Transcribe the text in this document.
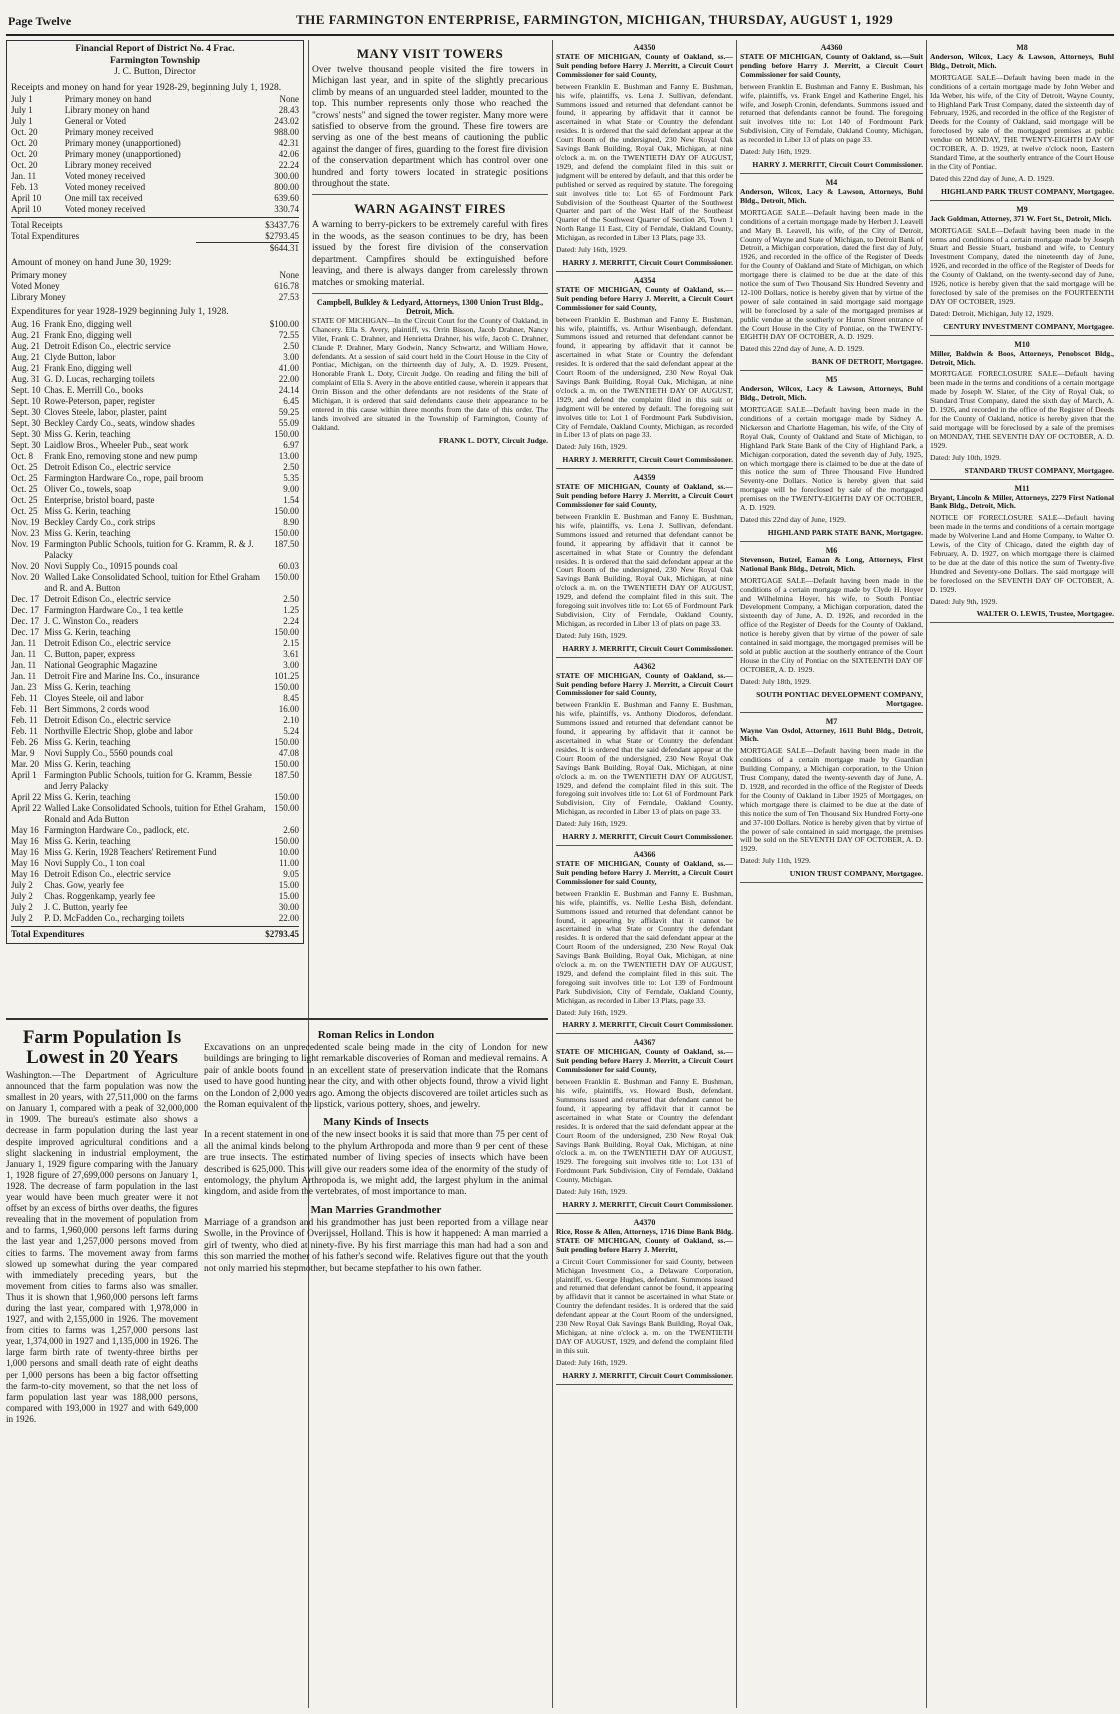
Page Twelve	THE FARMINGTON ENTERPRISE, FARMINGTON, MICHIGAN, THURSDAY, AUGUST 1, 1929
Financial Report of District No. 4 Frac.
Farmington Township
J. C. Button, Director
Receipts and money on hand for year 1928-29, beginning July 1, 1928.
July 1	Primary money on hand	None
July 1	Library money on hand	28.43
July 1	General or Voted	243.02
Oct. 20	Primary money received	988.00
Oct. 20	Primary money (unapportioned)	42.31
Oct. 20	Primary money (unapportioned)	42.06
Oct. 20	Library money received	22.24
Jan. 11	Voted money received	300.00
Feb. 13	Voted money received	800.00
April 10	One mill tax received	639.60
April 10	Voted money received	330.74
Total Receipts	$3437.76
Total Expenditures	$2793.45
	$644.31
Amount of money on hand June 30, 1929:
Primary money	None
Voted Money	616.78
Library Money	27.53
Expenditures for year 1928-1929 beginning July 1, 1928.
Aug. 16	Frank Eno, digging well	$100.00
Aug. 21	Frank Eno, digging well	72.55
Aug. 21	Detroit Edison Co., electric service	2.50
Aug. 21	Clyde Button, labor	3.00
Aug. 21	Frank Eno, digging well	41.00
Aug. 31	G. D. Lucas, recharging toilets	22.00
Sept. 10	Chas. E. Merrill Co., books	24.14
Sept. 10	Rowe-Peterson, paper, register	6.45
Sept. 30	Cloves Steele, labor, plaster, paint	59.25
Sept. 30	Beckley Cardy Co., seats, window shades	55.09
Sept. 30	Miss G. Kerin, teaching	150.00
Sept. 30	Laidlow Bros., Wheeler Pub., seat work	6.97
Oct. 8	Frank Eno, removing stone and new pump	13.00
Oct. 25	Detroit Edison Co., electric service	2.50
Oct. 25	Farmington Hardware Co., rope, pail broom	5.35
Oct. 25	Oliver Co., towels, soap	9.00
Oct. 25	Enterprise, bristol board, paste	1.54
Oct. 25	Miss G. Kerin, teaching	150.00
Nov. 19	Beckley Cardy Co., cork strips	8.90
Nov. 23	Miss G. Kerin, teaching	150.00
Nov. 19	Farmington Public Schools, tuition for G. Kramm, R. & J. Palacky	187.50
Nov. 20	Novi Supply Co., 10915 pounds coal	60.03
Nov. 20	Walled Lake Consolidated School, tuition for Ethel Graham and R. and A. Button	150.00
Dec. 17	Detroit Edison Co., electric service	2.50
Dec. 17	Farmington Hardware Co., 1 tea kettle	1.25
Dec. 17	J. C. Winston Co., readers	2.24
Dec. 17	Miss G. Kerin, teaching	150.00
Jan. 11	Detroit Edison Co., electric service	2.15
Jan. 11	C. Button, paper, express	3.61
Jan. 11	National Geographic Magazine	3.00
Jan. 11	Detroit Fire and Marine Ins. Co., insurance	101.25
Jan. 23	Miss G. Kerin, teaching	150.00
Feb. 11	Cloyes Steele, oil and labor	8.45
Feb. 11	Bert Simmons, 2 cords wood	16.00
Feb. 11	Detroit Edison Co., electric service	2.10
Feb. 11	Northville Electric Shop, globe and labor	5.24
Feb. 26	Miss G. Kerin, teaching	150.00
Mar. 9	Novi Supply Co., 5560 pounds coal	47.08
Mar. 20	Miss G. Kerin, teaching	150.00
April 1	Farmington Public Schools, tuition for G. Kramm, Bessie and Jerry Palacky	187.50
April 22	Miss G. Kerin, teaching	150.00
April 22	Walled Lake Consolidated Schools, tuition for Ethel Graham, Ronald and Ada Button	150.00
May 16	Farmington Hardware Co., padlock, etc.	2.60
May 16	Miss G. Kerin, teaching	150.00
May 16	Miss G. Kerin, 1928 Teachers' Retirement Fund	10.00
May 16	Novi Supply Co., 1 ton coal	11.00
May 16	Detroit Edison Co., electric service	9.05
July 2	Chas. Gow, yearly fee	15.00
July 2	Chas. Roggenkamp, yearly fee	15.00
July 2	J. C. Button, yearly fee	30.00
July 2	P. D. McFadden Co., recharging toilets	22.00
Total Expenditures	$2793.45
MANY VISIT TOWERS
Over twelve thousand people visited the fire towers in Michigan last year, and in spite of the slightly precarious climb by means of an unguarded steel ladder, mounted to the top. This number represents only those who reached the "crows' nests" and signed the tower register. Many more were satisfied to observe from the ground. These fire towers are serving as one of the best means of cautioning the public against the danger of fires, guarding to the forest fire division of the conservation department which has control over one hundred and forty towers located in strategic positions throughout the state.
WARN AGAINST FIRES
A warning to berry-pickers to be extremely careful with fires in the woods, as the season continues to be dry, has been issued by the forest fire division of the conservation department. Campfires should be extinguished before leaving, and there is always danger from carelessly thrown matches or smoking material.
Campbell, Bulkley & Ledyard, Attorneys, 1300 Union Trust Bldg., Detroit, Mich.
STATE OF MICHIGAN—In the Circuit Court for the County of Oakland, in Chancery. Ella S. Avery, plaintiff, vs. Orrin Bisson, Jacob Drahner, Nancy Vilet, Frank C. Drahner, and Henrietta Drahner, his wife, Jacob C. Drahner, Claude P. Drahner, Mary Godwin, Nancy Schwartz, and William Howe, defendants. At a session of said court held in the Court House in the City of Pontiac, Michigan, on the thirteenth day of July, A. D. 1929. Present, Honorable Frank L. Doty, Circuit Judge. On reading and filing the bill of complaint of Ella S. Avery in the above entitled cause, wherein it appears that Orrin Bisson and the other defendants are not residents of the State of Michigan, it is ordered that said defendants cause their appearance to be entered in this cause within three months from the date of this order. The lands involved are situated in the Township of Farmington, County of Oakland.
FRANK L. DOTY, Circuit Judge.
Farm Population Is Lowest in 20 Years
Washington.—The Department of Agriculture announced that the farm population was now the smallest in 20 years, with 27,511,000 on the farms on January 1, compared with a peak of 32,000,000 in 1909. The bureau's estimate also shows a decrease in farm population during the last year despite improved agricultural conditions and a slight slackening in industrial employment, the January 1, 1929 figure comparing with the January 1, 1928 figure of 27,699,000 persons on January 1, 1928. The decrease of farm population in the last year would have been much greater were it not offset by an excess of births over deaths, the figures revealing that in the movement of population from and to farms, 1,960,000 persons left farms during the last year and 1,257,000 persons moved from cities to farms. The movement away from farms slowed up somewhat during the year compared with immediately preceding years, but the movement from cities to farms also was smaller. Thus it is shown that 1,960,000 persons left farms during the last year, compared with 1,978,000 in 1927, and with 2,155,000 in 1926. The movement from cities to farms was 1,257,000 persons last year, 1,374,000 in 1927 and 1,135,000 in 1926. The large farm birth rate of twenty-three births per 1,000 persons and small death rate of eight deaths per 1,000 persons has been a big factor offsetting the farm-to-city movement, so that the net loss of farm population last year was 188,000 persons, compared with 193,000 in 1927 and with 649,000 in 1926.
Roman Relics in London
Excavations on an unprecedented scale being made in the city of London for new buildings are bringing to light remarkable discoveries of Roman and medieval remains. A pair of ankle boots found in an excellent state of preservation indicate that the Romans used to have good hunting near the city, and with other objects found, throw a vivid light on the London of 2,000 years ago. Among the objects discovered are toilet articles such as the Roman equivalent of the lipstick, various pottery, shoes, and jewelry.
Many Kinds of Insects
In a recent statement in one of the new insect books it is said that more than 75 per cent of all the animal kinds belong to the phylum Arthropoda and more than 9 per cent of these are true insects. The estimated number of living species of insects which have been described is 625,000. This will give our readers some idea of the enormity of the study of entomology, the phylum Arthropoda is, we might add, the largest phylum in the animal kingdom, and aside from the vertebrates, of most importance to man.
Man Marries Grandmother
Marriage of a grandson and his grandmother has just been reported from a village near Swolle, in the Province of Overijssel, Holland. This is how it happened: A man married a girl of twenty, who died at ninety-five. By his first marriage this man had had a son and this son married the mother of his father's second wife. Relatives figure out that the youth not only married his stepmother, but became stepfather to his own father.
A4350
STATE OF MICHIGAN, County of Oakland, ss.—Suit pending before Harry J. Merritt, a Circuit Court Commissioner for said County,
between Franklin E. Bushman and Fanny E. Bushman, his wife, plaintiffs, vs. Lena J. Sullivan, defendant. Summons issued and returned that defendant cannot be found, it appearing by affidavit that it cannot be ascertained in what State or Country the defendant resides. It is ordered that the said defendant appear at the Court Room of the undersigned, 230 New Royal Oak Savings Bank Building, Royal Oak, Michigan, at nine o'clock a. m. on the TWENTIETH DAY OF AUGUST, 1929, and defend the complaint filed in this suit or judgment will be entered by default, and that this order be published or served as required by statute. The foregoing suit involves title to: Lot 65 of Fordmount Park Subdivision of the Southeast Quarter of the Southwest Quarter and part of the West Half of the Southeast Quarter of the Southwest Quarter of Section 26, Town 1 North Range 11 East, City of Ferndale, Oakland County, Michigan, as recorded in Liber 13 Plats, page 33.
Dated: July 16th, 1929.
HARRY J. MERRITT, Circuit Court Commissioner.
A4354
STATE OF MICHIGAN, County of Oakland, ss.—Suit pending before Harry J. Merritt, a Circuit Court Commissioner for said County,
between Franklin E. Bushman and Fanny E. Bushman, his wife, plaintiffs, vs. Arthur Wisenbaugh, defendant. Summons issued and returned that defendant cannot be found, it appearing by affidavit that it cannot be ascertained in what State or Country the defendant resides. It is ordered that the said defendant appear at the Court Room of the undersigned, 230 New Royal Oak Savings Bank Building, Royal Oak, Michigan, at nine o'clock a. m. on the TWENTIETH DAY OF AUGUST, 1929, and defend the complaint filed in this suit or judgment will be entered by default. The foregoing suit involves title to: Lot 1 of Fordmount Park Subdivision, City of Ferndale, Oakland County, Michigan, as recorded in Liber 13 of plats on page 33.
Dated: July 16th, 1929.
HARRY J. MERRITT, Circuit Court Commissioner.
A4359
STATE OF MICHIGAN, County of Oakland, ss.—Suit pending before Harry J. Merritt, a Circuit Court Commissioner for said County,
between Franklin E. Bushman and Fanny E. Bushman, his wife, plaintiffs, vs. Lena J. Sullivan, defendant. Summons issued and returned that defendant cannot be found, it appearing by affidavit that it cannot be ascertained in what State or Country the defendant resides. It is ordered that the said defendant appear at the Court Room of the undersigned, 230 New Royal Oak Savings Bank Building, Royal Oak, Michigan, at nine o'clock a. m. on the TWENTIETH DAY OF AUGUST, 1929, and defend the complaint filed in this suit. The foregoing suit involves title to: Lot 65 of Fordmount Park Subdivision, City of Ferndale, Oakland County, Michigan, as recorded in Liber 13 of plats on page 33.
Dated: July 16th, 1929.
HARRY J. MERRITT, Circuit Court Commissioner.
A4362
STATE OF MICHIGAN, County of Oakland, ss.—Suit pending before Harry J. Merritt, a Circuit Court Commissioner for said County,
between Franklin E. Bushman and Fanny E. Bushman, his wife, plaintiffs, vs. Anthony Diodoros, defendant. Summons issued and returned that defendant cannot be found, it appearing by affidavit that it cannot be ascertained in what State or Country the defendant resides. It is ordered that the said defendant appear at the Court Room of the undersigned, 230 New Royal Oak Savings Bank Building, Royal Oak, Michigan, at nine o'clock a. m. on the TWENTIETH DAY OF AUGUST, 1929, and defend the complaint filed in this suit. The foregoing suit involves title to: Lot 61 of Fordmount Park Subdivision, City of Ferndale, Oakland County, Michigan, as recorded in Liber 13 of plats on page 33.
Dated: July 16th, 1929.
HARRY J. MERRITT, Circuit Court Commissioner.
A4366
STATE OF MICHIGAN, County of Oakland, ss.—Suit pending before Harry J. Merritt, a Circuit Court Commissioner for said County,
between Franklin E. Bushman and Fanny E. Bushman, his wife, plaintiffs, vs. Nellie Lesha Bish, defendant. Summons issued and returned that defendant cannot be found, it appearing by affidavit that it cannot be ascertained in what State or Country the defendant resides. It is ordered that the said defendant appear at the Court Room of the undersigned, 230 New Royal Oak Savings Bank Building, Royal Oak, Michigan, at nine o'clock a. m. on the TWENTIETH DAY OF AUGUST, 1929, and defend the complaint filed in this suit. The foregoing suit involves title to: Lot 139 of Fordmount Park Subdivision, City of Ferndale, Oakland County, Michigan, as recorded in Liber 13 Plats, page 33.
Dated: July 16th, 1929.
HARRY J. MERRITT, Circuit Court Commissioner.
A4367
STATE OF MICHIGAN, County of Oakland, ss.—Suit pending before Harry J. Merritt, a Circuit Court Commissioner for said County,
between Franklin E. Bushman and Fanny E. Bushman, his wife, plaintiffs, vs. Howard Bush, defendant. Summons issued and returned that defendant cannot be found, it appearing by affidavit that it cannot be ascertained in what State or Country the defendant resides. It is ordered that the said defendant appear at the Court Room of the undersigned, 230 New Royal Oak Savings Bank Building, Royal Oak, Michigan, at nine o'clock a. m. on the TWENTIETH DAY OF AUGUST, 1929. The foregoing suit involves title to: Lot 131 of Fordmount Park Subdivision, City of Ferndale, Oakland County, Michigan.
Dated: July 16th, 1929.
HARRY J. MERRITT, Circuit Court Commissioner.
A4370
Rice, Rosse & Allen, Attorneys, 1716 Dime Bank Bldg. STATE OF MICHIGAN, County of Oakland, ss.—Suit pending before Harry J. Merritt,
a Circuit Court Commissioner for said County, between Michigan Investment Co., a Delaware Corporation, plaintiff, vs. George Hughes, defendant. Summons issued and returned that defendant cannot be found, it appearing by affidavit that it cannot be ascertained in what State or Country the defendant resides. It is ordered that the said defendant appear at the Court Room of the undersigned, 230 New Royal Oak Savings Bank Building, Royal Oak, Michigan, at nine o'clock a. m. on the TWENTIETH DAY OF AUGUST, 1929, and defend the complaint filed in this suit.
Dated: July 16th, 1929.
HARRY J. MERRITT, Circuit Court Commissioner.
A4360
STATE OF MICHIGAN, County of Oakland, ss.—Suit pending before Harry J. Merritt, a Circuit Court Commissioner for said County,
between Franklin E. Bushman and Fanny E. Bushman, his wife, plaintiffs, vs. Frank Engel and Katherine Engel, his wife, and Joseph Cronin, defendants. Summons issued and returned that defendants cannot be found. The foregoing suit involves title to: Lot 140 of Fordmount Park Subdivision, City of Ferndale, Oakland County, Michigan, as recorded in Liber 13 of plats on page 33.
Dated: July 16th, 1929.
HARRY J. MERRITT, Circuit Court Commissioner.
M4
Anderson, Wilcox, Lacy & Lawson, Attorneys, Buhl Bldg., Detroit, Mich.
MORTGAGE SALE—Default having been made in the conditions of a certain mortgage made by Herbert J. Leavell and Mary B. Leavell, his wife, of the City of Detroit, County of Wayne and State of Michigan, to Detroit Bank of Detroit, a Michigan corporation, dated the first day of July, 1926, and recorded in the office of the Register of Deeds for the County of Oakland and State of Michigan, on which mortgage there is claimed to be due at the date of this notice the sum of Two Thousand Six Hundred Seventy and 12-100 Dollars, notice is hereby given that by virtue of the power of sale contained in said mortgage said mortgage will be foreclosed by a sale of the mortgaged premises at public vendue at the southerly or Huron Street entrance of the Court House in the City of Pontiac, on the TWENTY-EIGHTH DAY OF OCTOBER, A. D. 1929.
Dated this 22nd day of June, A. D. 1929.
BANK OF DETROIT, Mortgagee.
M5
Anderson, Wilcox, Lacy & Lawson, Attorneys, Buhl Bldg., Detroit, Mich.
MORTGAGE SALE—Default having been made in the conditions of a certain mortgage made by Sidney A. Nickerson and Charlotte Hageman, his wife, of the City of Royal Oak, County of Oakland and State of Michigan, to Highland Park State Bank of the City of Highland Park, a Michigan corporation, dated the seventh day of July, 1925, on which mortgage there is claimed to be due at the date of this notice the sum of Three Thousand Five Hundred Seventy-one Dollars. Notice is hereby given that said mortgage will be foreclosed by sale of the mortgaged premises on the TWENTY-EIGHTH DAY OF OCTOBER, A. D. 1929.
Dated this 22nd day of June, 1929.
HIGHLAND PARK STATE BANK, Mortgagee.
M6
Stevenson, Butzel, Eaman & Long, Attorneys, First National Bank Bldg., Detroit, Mich.
MORTGAGE SALE—Default having been made in the conditions of a certain mortgage made by Clyde H. Hoyer and Wilhelmina Hoyer, his wife, to South Pontiac Development Company, a Michigan corporation, dated the sixteenth day of June, A. D. 1926, and recorded in the office of the Register of Deeds for the County of Oakland, notice is hereby given that by virtue of the power of sale contained in said mortgage, the mortgaged premises will be sold at public auction at the southerly entrance of the Court House in the City of Pontiac on the SIXTEENTH DAY OF OCTOBER, A. D. 1929.
Dated: July 18th, 1929.
SOUTH PONTIAC DEVELOPMENT COMPANY, Mortgagee.
M7
Wayne Van Osdol, Attorney, 1611 Buhl Bldg., Detroit, Mich.
MORTGAGE SALE—Default having been made in the conditions of a certain mortgage made by Guardian Building Company, a Michigan corporation, to the Union Trust Company, dated the twenty-seventh day of June, A. D. 1928, and recorded in the office of the Register of Deeds for the County of Oakland in Liber 1925 of Mortgages, on which mortgage there is claimed to be due at the date of this notice the sum of Ten Thousand Six Hundred Forty-one and 37-100 Dollars. Notice is hereby given that by virtue of the power of sale contained in said mortgage, the premises will be sold on the SEVENTH DAY OF OCTOBER, A. D. 1929.
Dated: July 11th, 1929.
UNION TRUST COMPANY, Mortgagee.
M8
Anderson, Wilcox, Lacy & Lawson, Attorneys, Buhl Bldg., Detroit, Mich.
MORTGAGE SALE—Default having been made in the conditions of a certain mortgage made by John Weber and Ida Weber, his wife, of the City of Detroit, Wayne County, to Highland Park Trust Company, dated the sixteenth day of February, 1926, and recorded in the office of the Register of Deeds for the County of Oakland, said mortgage will be foreclosed by sale of the mortgaged premises at public vendue on MONDAY, THE TWENTY-EIGHTH DAY OF OCTOBER, A. D. 1929, at twelve o'clock noon, Eastern Standard Time, at the southerly entrance of the Court House in the City of Pontiac.
Dated this 22nd day of June, A. D. 1929.
HIGHLAND PARK TRUST COMPANY, Mortgagee.
M9
Jack Goldman, Attorney, 371 W. Fort St., Detroit, Mich.
MORTGAGE SALE—Default having been made in the terms and conditions of a certain mortgage made by Joseph Stuart and Bessie Stuart, husband and wife, to Century Investment Company, dated the nineteenth day of June, 1926, and recorded in the office of the Register of Deeds for the County of Oakland, on the twenty-second day of June, 1926, notice is hereby given that the said mortgage will be foreclosed by sale of the premises on the FOURTEENTH DAY OF OCTOBER, 1929.
Dated: Detroit, Michigan, July 12, 1929.
CENTURY INVESTMENT COMPANY, Mortgagee.
M10
Miller, Baldwin & Boos, Attorneys, Penobscot Bldg., Detroit, Mich.
MORTGAGE FORECLOSURE SALE—Default having been made in the terms and conditions of a certain mortgage made by Joseph W. Slater, of the City of Royal Oak, to Standard Trust Company, dated the sixth day of March, A. D. 1926, and recorded in the office of the Register of Deeds for the County of Oakland, notice is hereby given that the said mortgage will be foreclosed by a sale of the premises on MONDAY, THE SEVENTH DAY OF OCTOBER, A. D. 1929.
Dated: July 10th, 1929.
STANDARD TRUST COMPANY, Mortgagee.
M11
Bryant, Lincoln & Miller, Attorneys, 2279 First National Bank Bldg., Detroit, Mich.
NOTICE OF FORECLOSURE SALE—Default having been made in the terms and conditions of a certain mortgage made by Wolverine Land and Home Company, to Walter O. Lewis, of the City of Chicago, dated the eighth day of February, A. D. 1927, on which mortgage there is claimed to be due at the date of this notice the sum of Twenty-five Hundred and Seventy-one Dollars. The said mortgage will be foreclosed on the SEVENTH DAY OF OCTOBER, A. D. 1929.
Dated: July 9th, 1929.
WALTER O. LEWIS, Trustee, Mortgagee.
